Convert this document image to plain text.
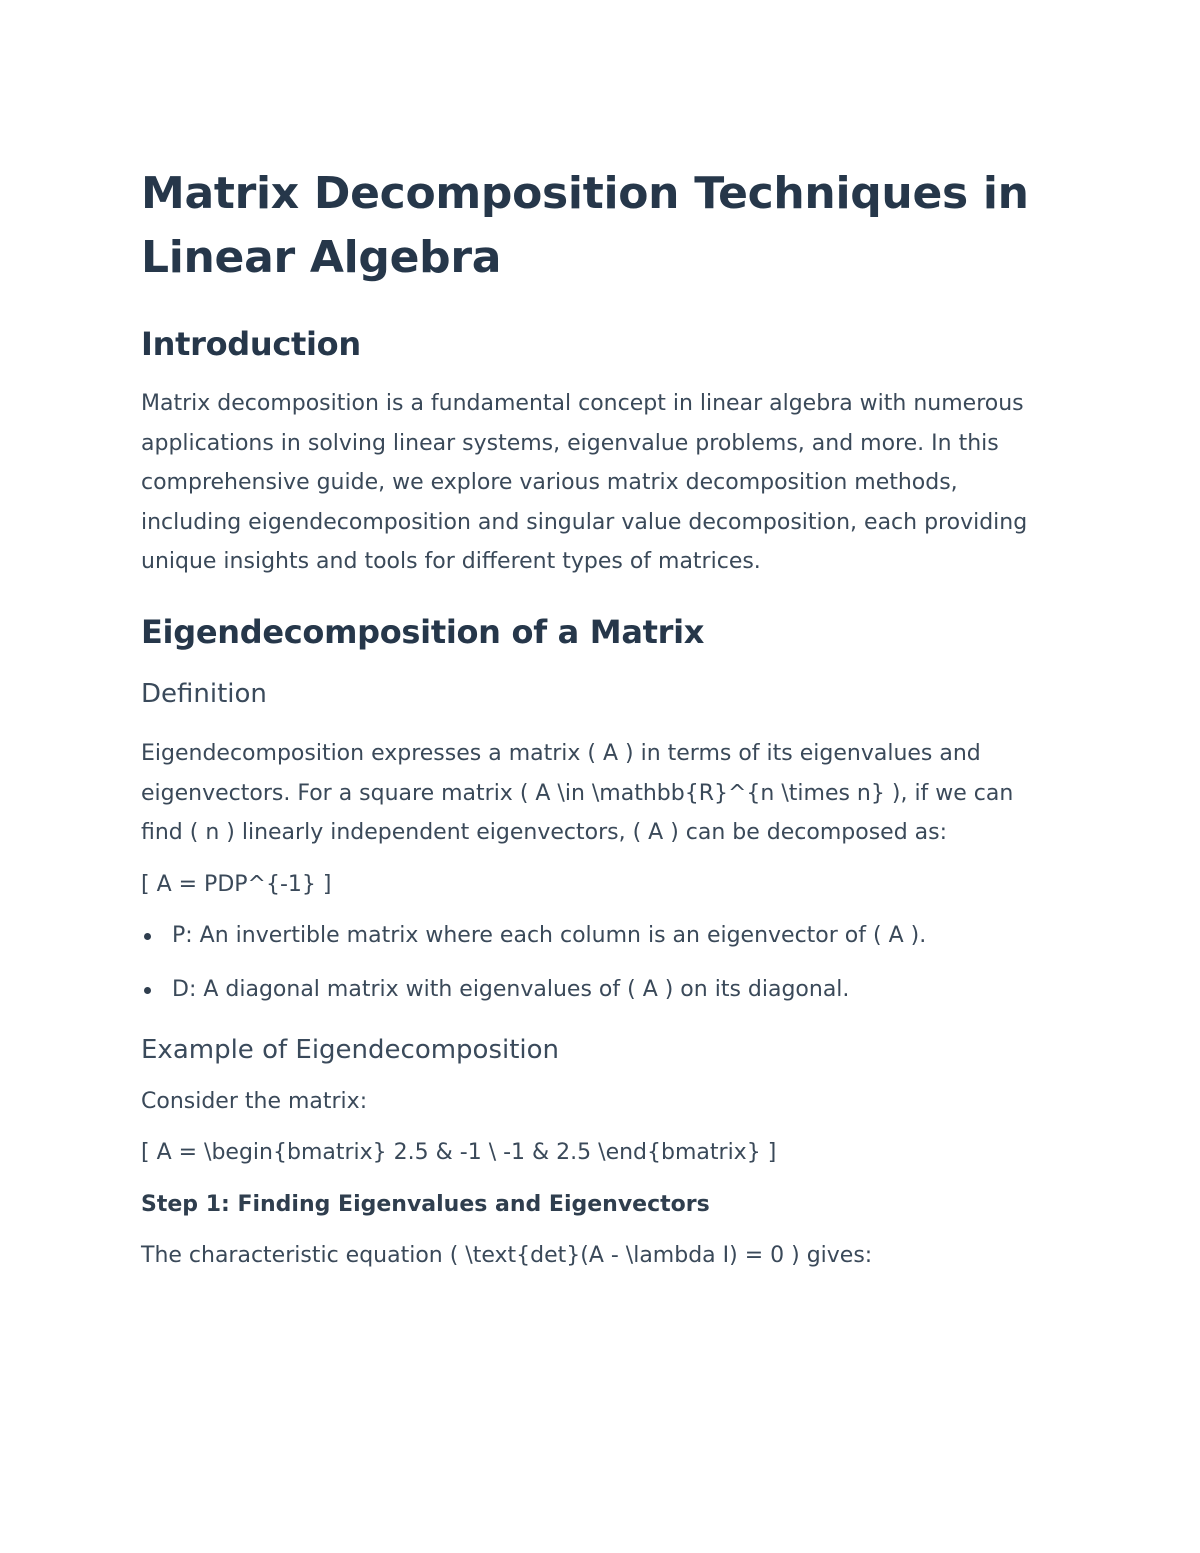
Matrix Decomposition Techniques in Linear Algebra
Introduction

Matrix decomposition is a fundamental concept in linear algebra with numerous applications in solving linear systems, eigenvalue problems, and more. In this comprehensive guide, we explore various matrix decomposition methods, including eigendecomposition and singular value decomposition, each providing unique insights and tools for different types of matrices.

Eigendecomposition of a Matrix
Definition

Eigendecomposition expresses a matrix ( A ) in terms of its eigenvalues and eigenvectors. For a square matrix ( A \in \mathbb{R}^{n \times n} ), if we can find ( n ) linearly independent eigenvectors, ( A ) can be decomposed as:

[ A = PDP^{-1} ]

P: An invertible matrix where each column is an eigenvector of ( A ).
D: A diagonal matrix with eigenvalues of ( A ) on its diagonal.
Example of Eigendecomposition

Consider the matrix:

[ A = \begin{bmatrix} 2.5 & -1 \ -1 & 2.5 \end{bmatrix} ]

Step 1: Finding Eigenvalues and Eigenvectors

The characteristic equation ( \text{det}(A - \lambda I) = 0 ) gives:
